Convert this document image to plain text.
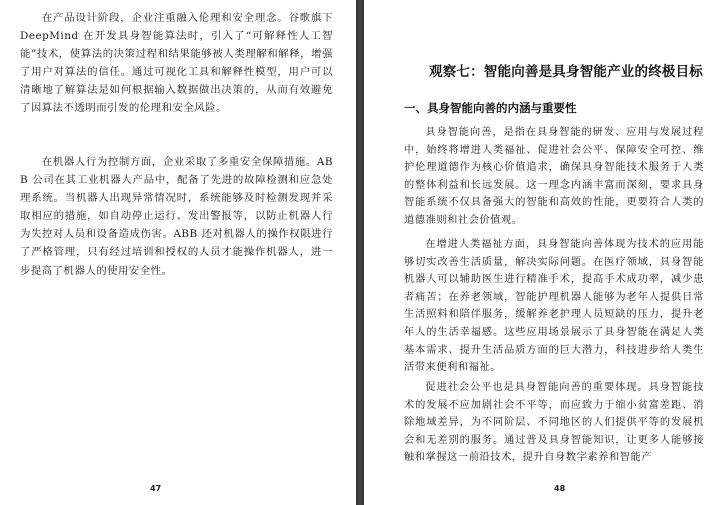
在产品设计阶段，企业注重融入伦理和安全理念。谷歌旗下 DeepMind 在开发具身智能算法时，引入了“可解释性人工智能”技术，使算法的决策过程和结果能够被人类理解和解释，增强了用户对算法的信任。通过可视化工具和解释性模型，用户可以清晰地了解算法是如何根据输入数据做出决策的，从而有效避免了因算法不透明而引发的伦理和安全风险。

在机器人行为控制方面，企业采取了多重安全保障措施。ABB 公司在其工业机器人产品中，配备了先进的故障检测和应急处理系统。当机器人出现异常情况时，系统能够及时检测发现并采取相应的措施，如自动停止运行、发出警报等，以防止机器人行为失控对人员和设备造成伤害。ABB 还对机器人的操作权限进行了严格管理，只有经过培训和授权的人员才能操作机器人，进一步提高了机器人的使用安全性。

47
观察七：智能向善是具身智能产业的终极目标
一、具身智能向善的内涵与重要性

具身智能向善，是指在具身智能的研发、应用与发展过程中，始终将增进人类福祉、促进社会公平、保障安全可控、维护伦理道德作为核心价值追求，确保具身智能技术服务于人类的整体利益和长远发展。这一理念内涵丰富而深刻，要求具身智能系统不仅具备强大的智能和高效的性能，更要符合人类的道德准则和社会价值观。

在增进人类福祉方面，具身智能向善体现为技术的应用能够切实改善生活质量，解决实际问题。在医疗领域，具身智能机器人可以辅助医生进行精准手术，提高手术成功率，减少患者痛苦；在养老领域，智能护理机器人能够为老年人提供日常生活照料和陪伴服务，缓解养老护理人员短缺的压力，提升老年人的生活幸福感。这些应用场景展示了具身智能在满足人类基本需求、提升生活品质方面的巨大潜力，科技进步给人类生活带来便利和福祉。

促进社会公平也是具身智能向善的重要体现。具身智能技术的发展不应加剧社会不平等，而应致力于缩小贫富差距、消除地域差异，为不同阶层、不同地区的人们提供平等的发展机会和无差别的服务。通过普及具身智能知识，让更多人能够接触和掌握这一前沿技术，提升自身数字素养和智能产

48
